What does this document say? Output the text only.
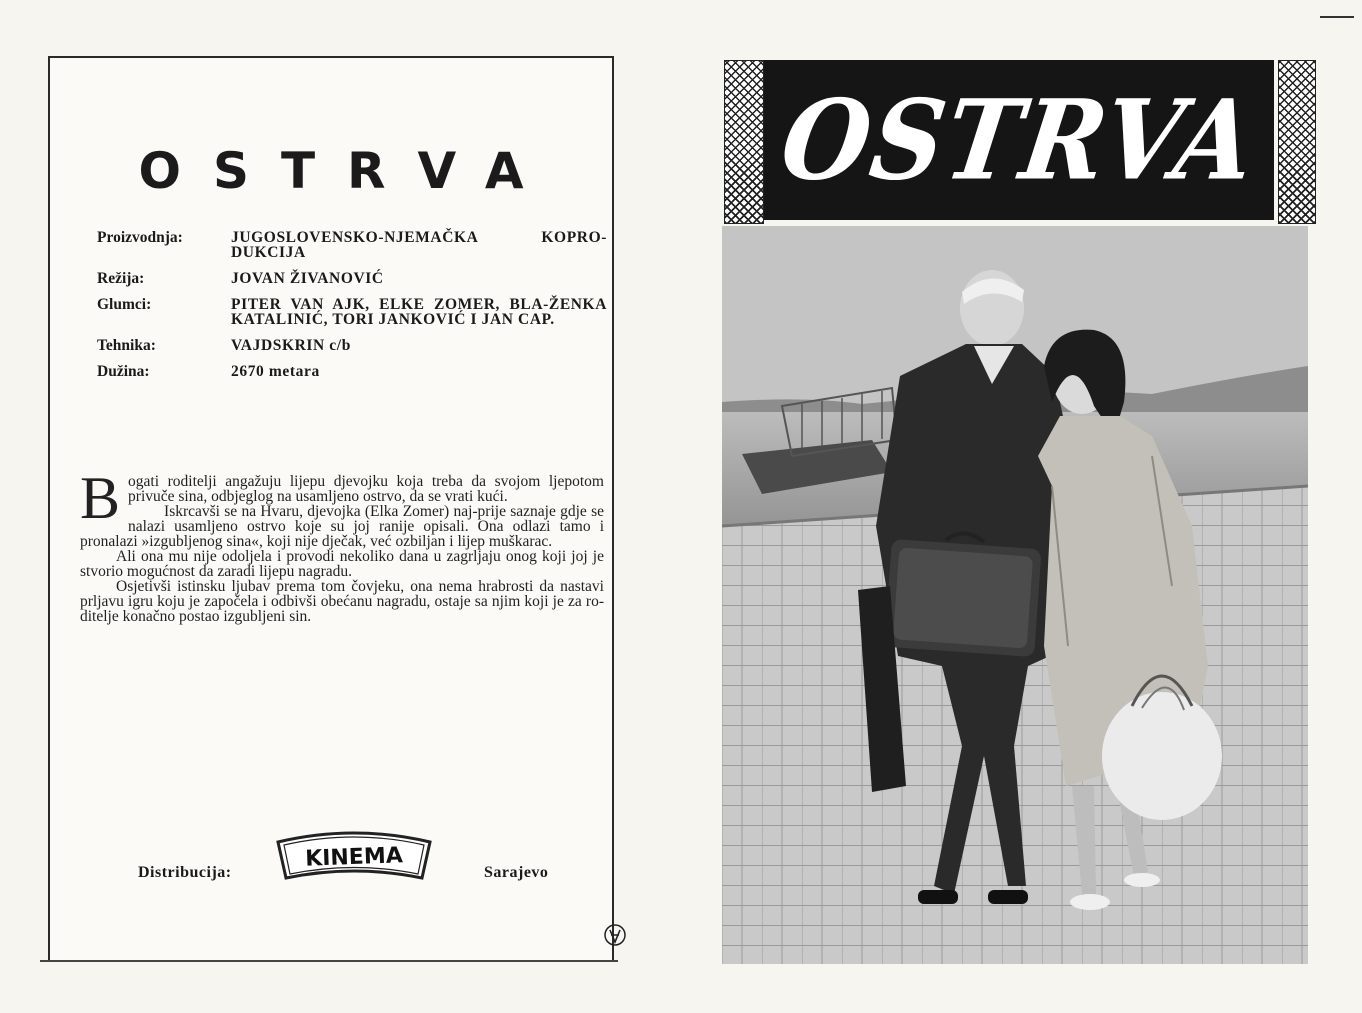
OSTRVA
Proizvodnja:	JUGOSLOVENSKO-NJEMAČKA KOPRO-DUKCIJA
Režija:	JOVAN ŽIVANOVIĆ
Glumci:	PITER VAN AJK, ELKE ZOMER, BLA-ŽENKA KATALINIĆ, TORI JANKOVIĆ I JAN CAP.
Tehnika:	VAJDSKRIN c/b
Dužina:	2670 metara

Bogati roditelji angažuju lijepu djevojku koja treba da svojom ljepotom privuče sina, odbjeglog na usamljeno ostrvo, da se vrati kući.

Iskrcavši se na Hvaru, djevojka (Elka Zomer) naj-prije saznaje gdje se nalazi usamljeno ostrvo koje su joj ranije opisali. Ona odlazi tamo i pronalazi »izgubljenog sina«, koji nije dječak, već ozbiljan i lijep muškarac.

Ali ona mu nije odoljela i provodi nekoliko dana u zagrljaju onog koji joj je stvorio mogućnost da zaradi lijepu nagradu.

Osjetivši istinsku ljubav prema tom čovjeku, ona nema hrabrosti da nastavi prljavu igru koju je započela i odbivši obećanu nagradu, ostaje sa njim koji je za ro-ditelje konačno postao izgubljeni sin.

Distribucija:
KINEMA
Sarajevo
OSTRVA
